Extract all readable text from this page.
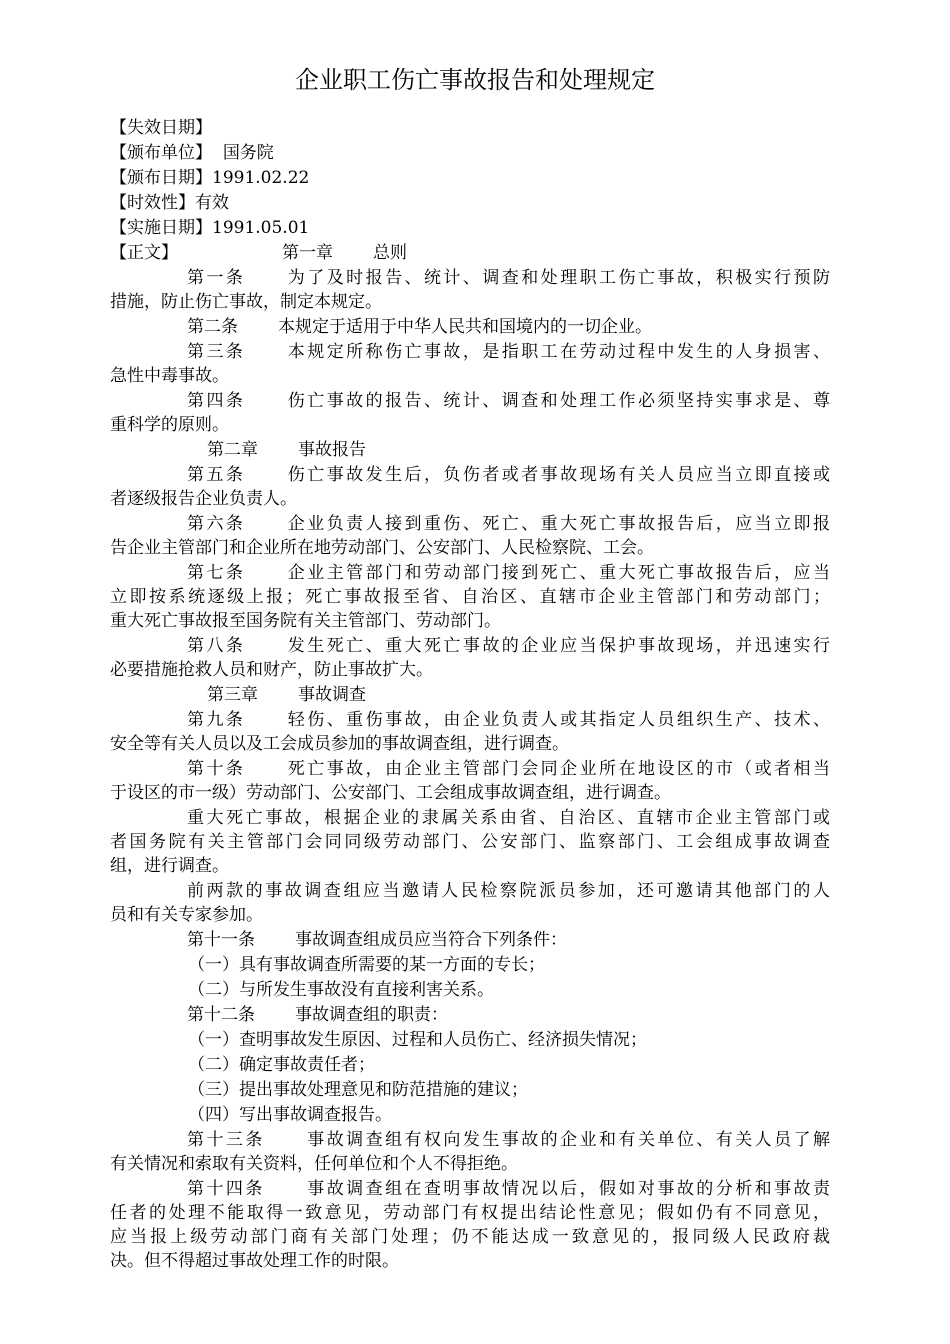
企业职工伤亡事故报告和处理规定
【失效日期】
【颁布单位】 国务院
【颁布日期】1991.02.22
【时效性】有效
【实施日期】1991.05.01
【正文】	第一章 总则
第一条 为了及时报告、统计、调查和处理职工伤亡事故，积极实行预防
措施，防止伤亡事故，制定本规定。
第二条 本规定于适用于中华人民共和国境内的一切企业。
第三条 本规定所称伤亡事故，是指职工在劳动过程中发生的人身损害、
急性中毒事故。
第四条 伤亡事故的报告、统计、调查和处理工作必须坚持实事求是、尊
重科学的原则。
第二章 事故报告
第五条 伤亡事故发生后，负伤者或者事故现场有关人员应当立即直接或
者逐级报告企业负责人。
第六条 企业负责人接到重伤、死亡、重大死亡事故报告后，应当立即报
告企业主管部门和企业所在地劳动部门、公安部门、人民检察院、工会。
第七条 企业主管部门和劳动部门接到死亡、重大死亡事故报告后，应当
立即按系统逐级上报；死亡事故报至省、自治区、直辖市企业主管部门和劳动部门；
重大死亡事故报至国务院有关主管部门、劳动部门。
第八条 发生死亡、重大死亡事故的企业应当保护事故现场，并迅速实行
必要措施抢救人员和财产，防止事故扩大。
第三章 事故调查
第九条 轻伤、重伤事故，由企业负责人或其指定人员组织生产、技术、
安全等有关人员以及工会成员参加的事故调查组，进行调查。
第十条 死亡事故，由企业主管部门会同企业所在地设区的市（或者相当
于设区的市一级）劳动部门、公安部门、工会组成事故调查组，进行调查。
重大死亡事故，根据企业的隶属关系由省、自治区、直辖市企业主管部门或
者国务院有关主管部门会同同级劳动部门、公安部门、监察部门、工会组成事故调查
组，进行调查。
前两款的事故调查组应当邀请人民检察院派员参加，还可邀请其他部门的人
员和有关专家参加。
第十一条 事故调查组成员应当符合下列条件：
（一）具有事故调查所需要的某一方面的专长；
（二）与所发生事故没有直接利害关系。
第十二条 事故调查组的职责：
（一）查明事故发生原因、过程和人员伤亡、经济损失情况；
（二）确定事故责任者；
（三）提出事故处理意见和防范措施的建议；
（四）写出事故调查报告。
第十三条 事故调查组有权向发生事故的企业和有关单位、有关人员了解
有关情况和索取有关资料，任何单位和个人不得拒绝。
第十四条 事故调查组在查明事故情况以后，假如对事故的分析和事故责
任者的处理不能取得一致意见，劳动部门有权提出结论性意见；假如仍有不同意见，
应当报上级劳动部门商有关部门处理；仍不能达成一致意见的，报同级人民政府裁
决。但不得超过事故处理工作的时限。
